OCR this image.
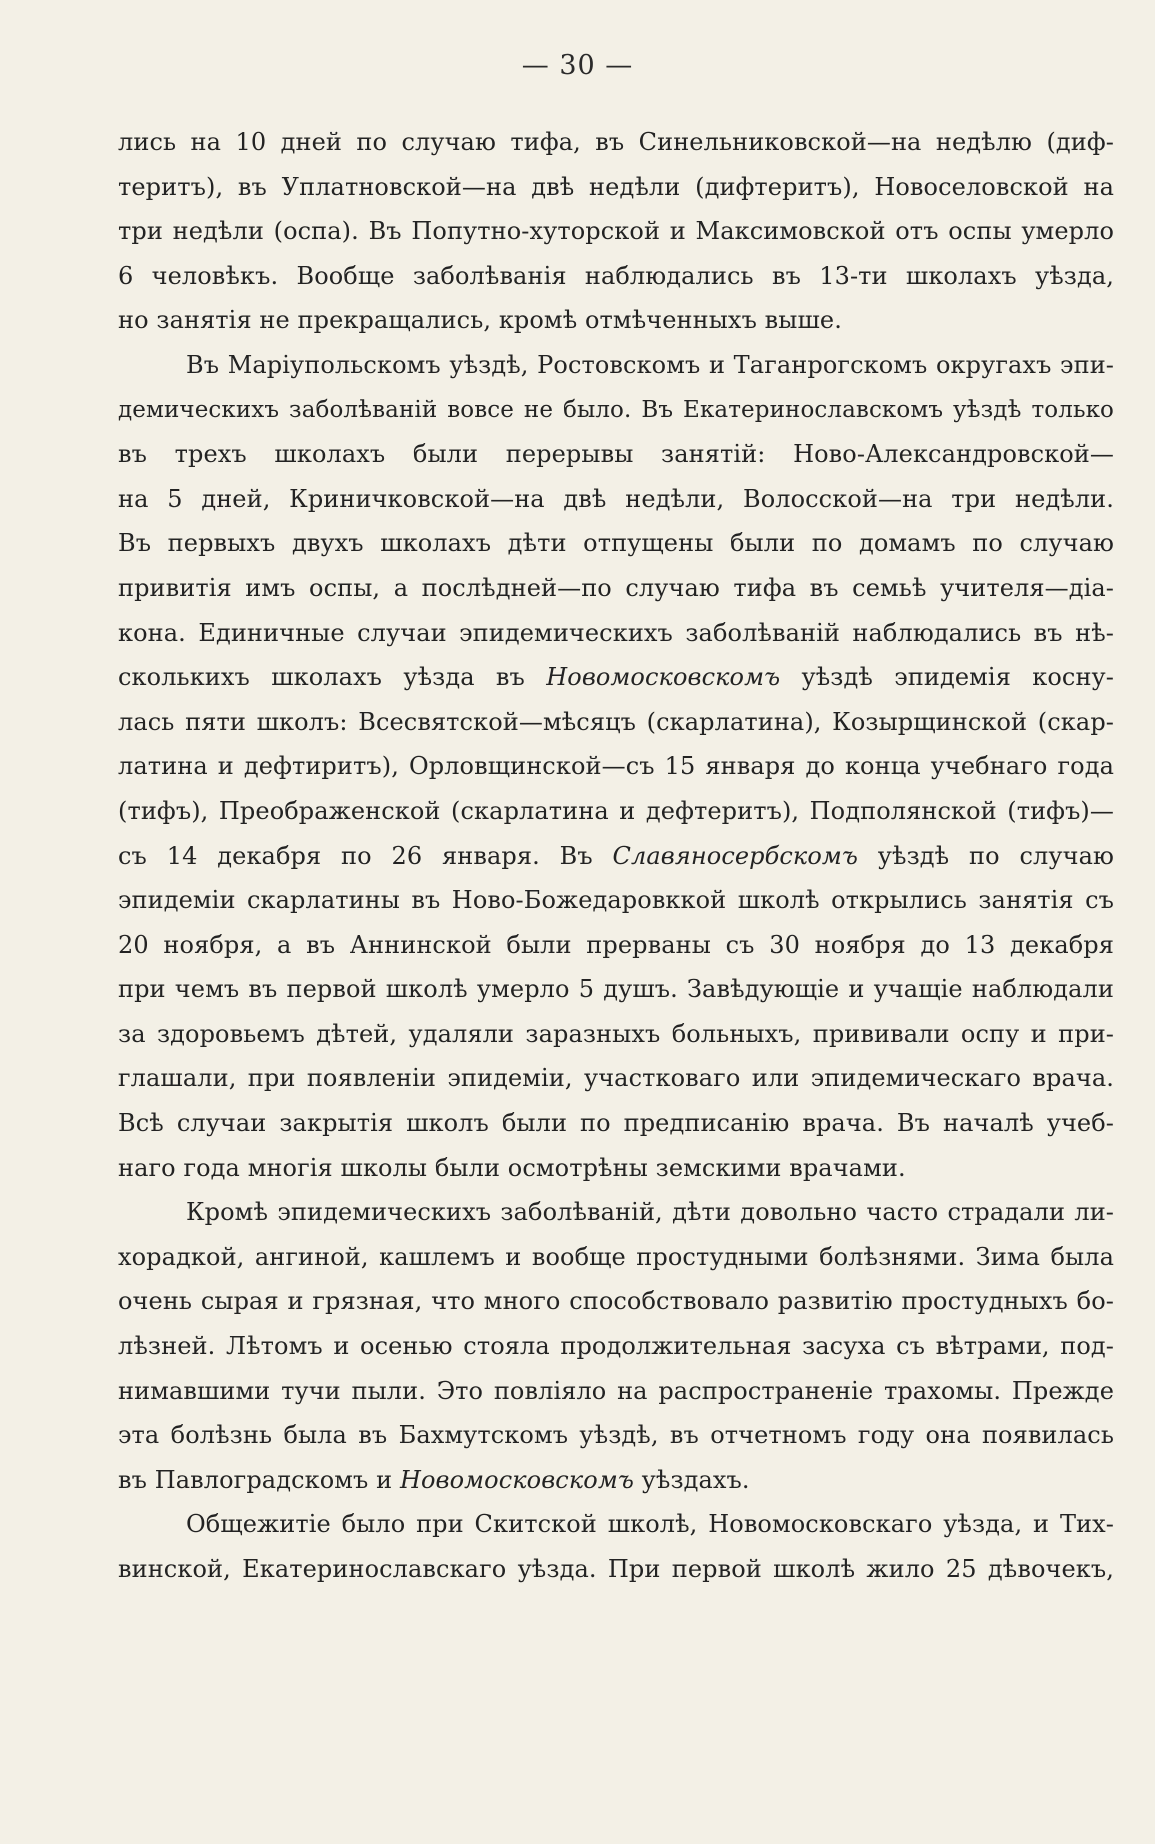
— 30 —
лись на 10 дней по случаю тифа, въ Синельниковской—на недѣлю (диф-
теритъ), въ Уплатновской—на двѣ недѣли (дифтеритъ), Новоселовской на
три недѣли (оспа). Въ Попутно-хуторской и Максимовской отъ оспы умерло
6 человѣкъ. Вообще заболѣванія наблюдались въ 13-ти школахъ уѣзда,
но занятія не прекращались, кромѣ отмѣченныхъ выше.
Въ Маріупольскомъ уѣздѣ, Ростовскомъ и Таганрогскомъ округахъ эпи-
демическихъ заболѣваній вовсе не было. Въ Екатеринославскомъ уѣздѣ только
въ трехъ школахъ были перерывы занятій: Ново-Александровской—
на 5 дней, Криничковской—на двѣ недѣли, Волосской—на три недѣли.
Въ первыхъ двухъ школахъ дѣти отпущены были по домамъ по случаю
привитія имъ оспы, а послѣдней—по случаю тифа въ семьѣ учителя—діа-
кона. Единичные случаи эпидемическихъ заболѣваній наблюдались въ нѣ-
сколькихъ школахъ уѣзда въ Новомосковскомъ уѣздѣ эпидемія косну-
лась пяти школъ: Всесвятской—мѣсяцъ (скарлатина), Козырщинской (скар-
латина и дефтиритъ), Орловщинской—съ 15 января до конца учебнаго года
(тифъ), Преображенской (скарлатина и дефтеритъ), Подполянской (тифъ)—
съ 14 декабря по 26 января. Въ Славяносербскомъ уѣздѣ по случаю
эпидеміи скарлатины въ Ново-Божедаровккой школѣ открылись занятія съ
20 ноября, а въ Аннинской были прерваны съ 30 ноября до 13 декабря
при чемъ въ первой школѣ умерло 5 душъ. Завѣдующіе и учащіе наблюдали
за здоровьемъ дѣтей, удаляли заразныхъ больныхъ, прививали оспу и при-
глашали, при появленіи эпидеміи, участковаго или эпидемическаго врача.
Всѣ случаи закрытія школъ были по предписанію врача. Въ началѣ учеб-
наго года многія школы были осмотрѣны земскими врачами.
Кромѣ эпидемическихъ заболѣваній, дѣти довольно часто страдали ли-
хорадкой, ангиной, кашлемъ и вообще простудными болѣзнями. Зима была
очень сырая и грязная, что много способствовало развитію простудныхъ бо-
лѣзней. Лѣтомъ и осенью стояла продолжительная засуха съ вѣтрами, под-
нимавшими тучи пыли. Это повліяло на распространеніе трахомы. Прежде
эта болѣзнь была въ Бахмутскомъ уѣздѣ, въ отчетномъ году она появилась
въ Павлоградскомъ и Новомосковскомъ уѣздахъ.
Общежитіе было при Скитской школѣ, Новомосковскаго уѣзда, и Тих-
винской, Екатеринославскаго уѣзда. При первой школѣ жило 25 дѣвочекъ,
